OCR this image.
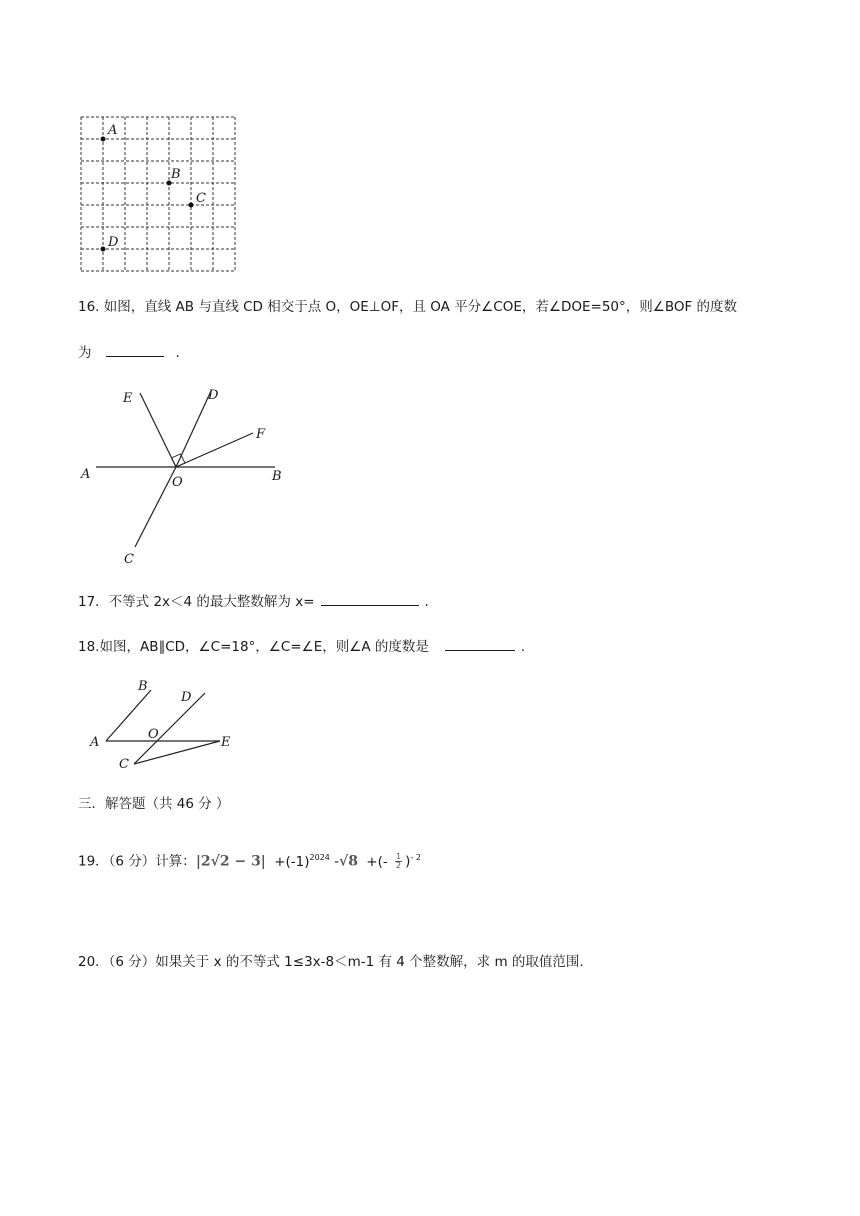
A
B
C
D
16. 如图，直线 AB 与直线 CD 相交于点 O，OE⊥OF，且 OA 平分∠COE，若∠DOE=50°，则∠BOF 的度数
为	.
E	D
F
A
O	B
C
17．不等式 2x＜4 的最大整数解为 x=	.
18.如图，AB∥CD，∠C=18°，∠C=∠E，则∠A 的度数是	.
B
D
A
O
E
C
三．解答题（共 46 分 ）
19．（6 分）计算：$|2√2 - 3| +(-1)^{2024}$ -√8 +(- $\frac{1}{2} )^{- 2}$
20．（6 分）如果关于 x 的不等式 1≤3x-8＜m-1 有 4 个整数解，求 m 的取值范围.
